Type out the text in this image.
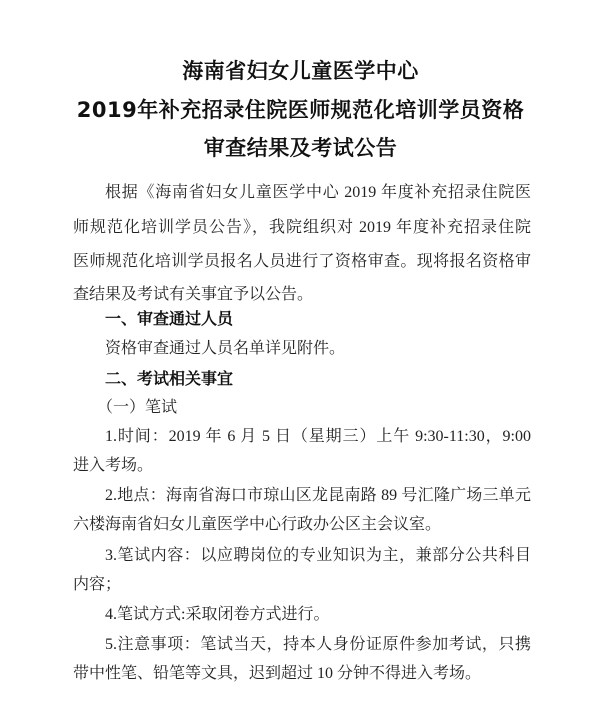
海南省妇女儿童医学中心
2019年补充招录住院医师规范化培训学员资格
审查结果及考试公告
根据《海南省妇女儿童医学中心 2019 年度补充招录住院医
师规范化培训学员公告》，我院组织对 2019 年度补充招录住院
医师规范化培训学员报名人员进行了资格审查。现将报名资格审
查结果及考试有关事宜予以公告。
一、审查通过人员
资格审查通过人员名单详见附件。
二、考试相关事宜
（一）笔试
1.时间：2019 年 6 月 5 日（星期三）上午 9:30-11:30，9:00
进入考场。
2.地点：海南省海口市琼山区龙昆南路 89 号汇隆广场三单元
六楼海南省妇女儿童医学中心行政办公区主会议室。
3.笔试内容：以应聘岗位的专业知识为主，兼部分公共科目
内容；
4.笔试方式:采取闭卷方式进行。
5.注意事项：笔试当天，持本人身份证原件参加考试，只携
带中性笔、铅笔等文具，迟到超过 10 分钟不得进入考场。
